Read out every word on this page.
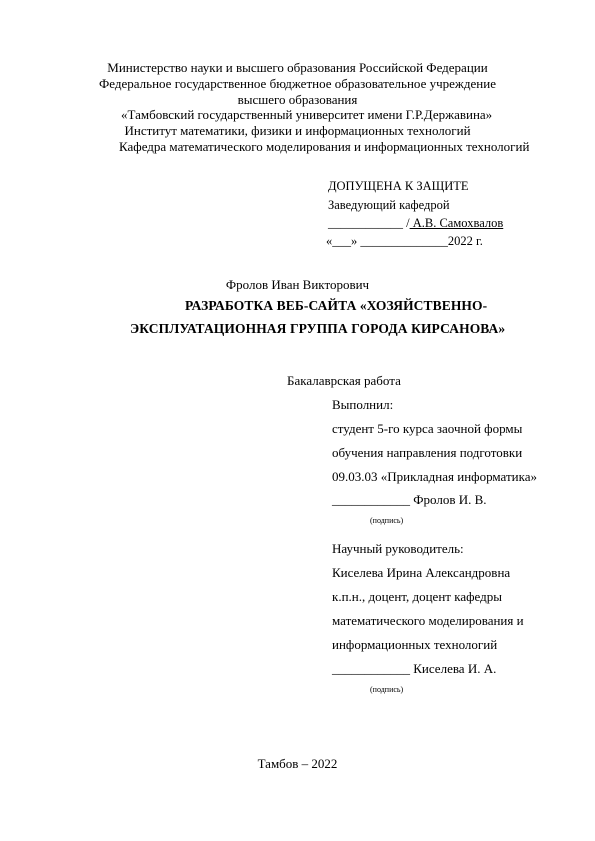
Министерство науки и высшего образования Российской Федерации
Федеральное государственное бюджетное образовательное учреждение
высшего образования
«Тамбовский государственный университет имени Г.Р.Державина»
Институт математики, физики и информационных технологий
Кафедра математического моделирования и информационных технологий
ДОПУЩЕНА К ЗАЩИТЕ
Заведующий кафедрой
____________ / А.В. Самохвалов
«___» ______________2022 г.
Фролов Иван Викторович
РАЗРАБОТКА ВЕБ-САЙТА «ХОЗЯЙСТВЕННО-
ЭКСПЛУАТАЦИОННАЯ ГРУППА ГОРОДА КИРСАНОВА»
Бакалаврская работа
Выполнил:
студент 5-го курса заочной формы
обучения направления подготовки
09.03.03 «Прикладная информатика»
____________ Фролов И. В.
(подпись)
Научный руководитель:
Киселева Ирина Александровна
к.п.н., доцент, доцент кафедры
математического моделирования и
информационных технологий
____________ Киселева И. А.
(подпись)
Тамбов – 2022
